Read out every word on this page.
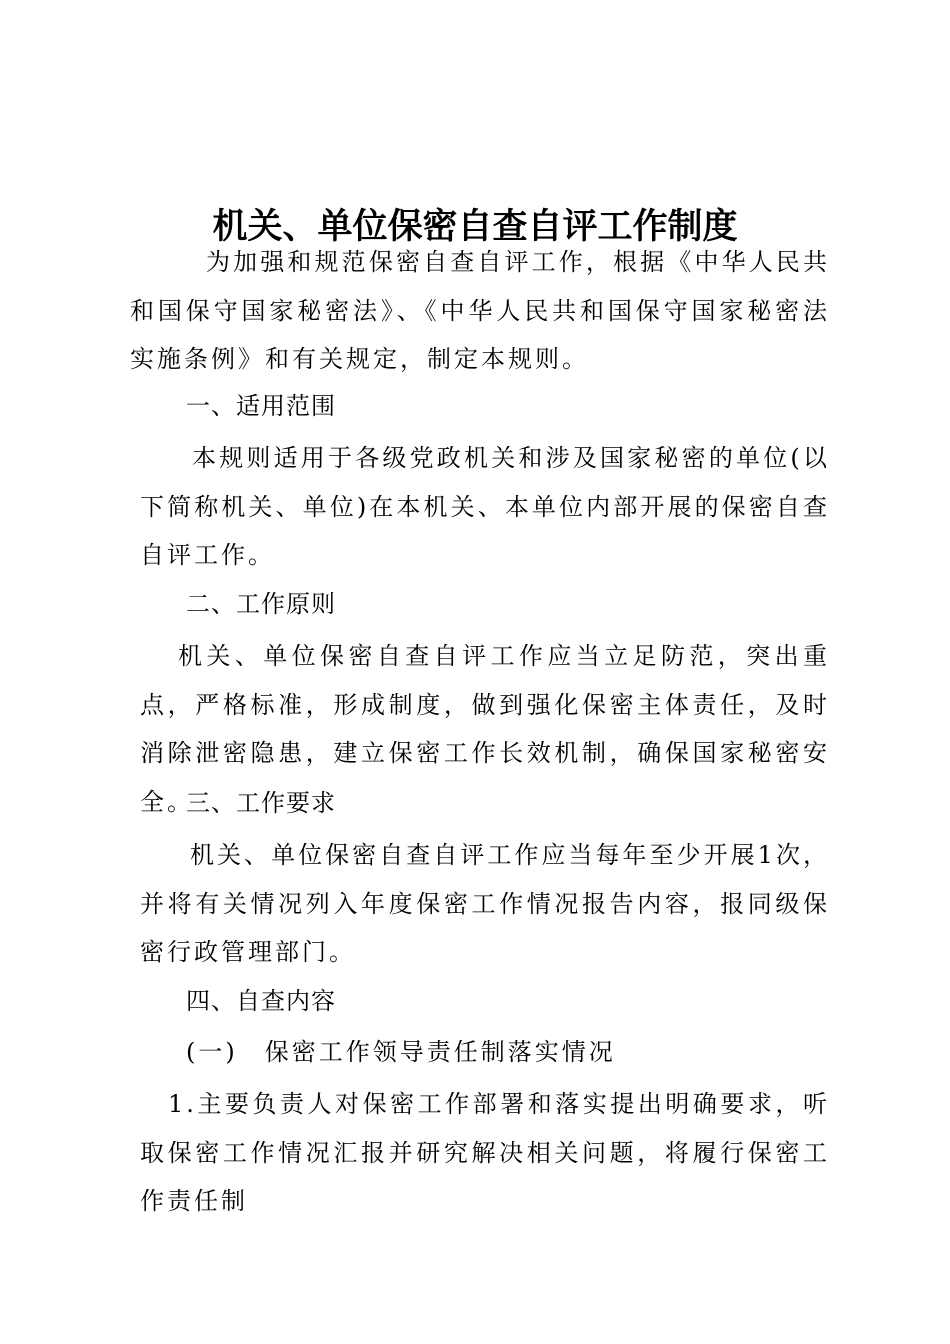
机关、单位保密自查自评工作制度

为加强和规范保密自查自评工作，根据《中华人民共和国保守国家秘密法》、《中华人民共和国保守国家秘密法实施条例》和有关规定，制定本规则。

一、适用范围

本规则适用于各级党政机关和涉及国家秘密的单位(以下简称机关、单位)在本机关、本单位内部开展的保密自查自评工作。

二、工作原则

机关、单位保密自查自评工作应当立足防范，突出重点，严格标准，形成制度，做到强化保密主体责任，及时消除泄密隐患，建立保密工作长效机制，确保国家秘密安全。

三、工作要求

机关、单位保密自查自评工作应当每年至少开展1次，并将有关情况列入年度保密工作情况报告内容，报同级保密行政管理部门。

四、自查内容

(一)　保密工作领导责任制落实情况

1.主要负责人对保密工作部署和落实提出明确要求，听取保密工作情况汇报并研究解决相关问题，将履行保密工作责任制
